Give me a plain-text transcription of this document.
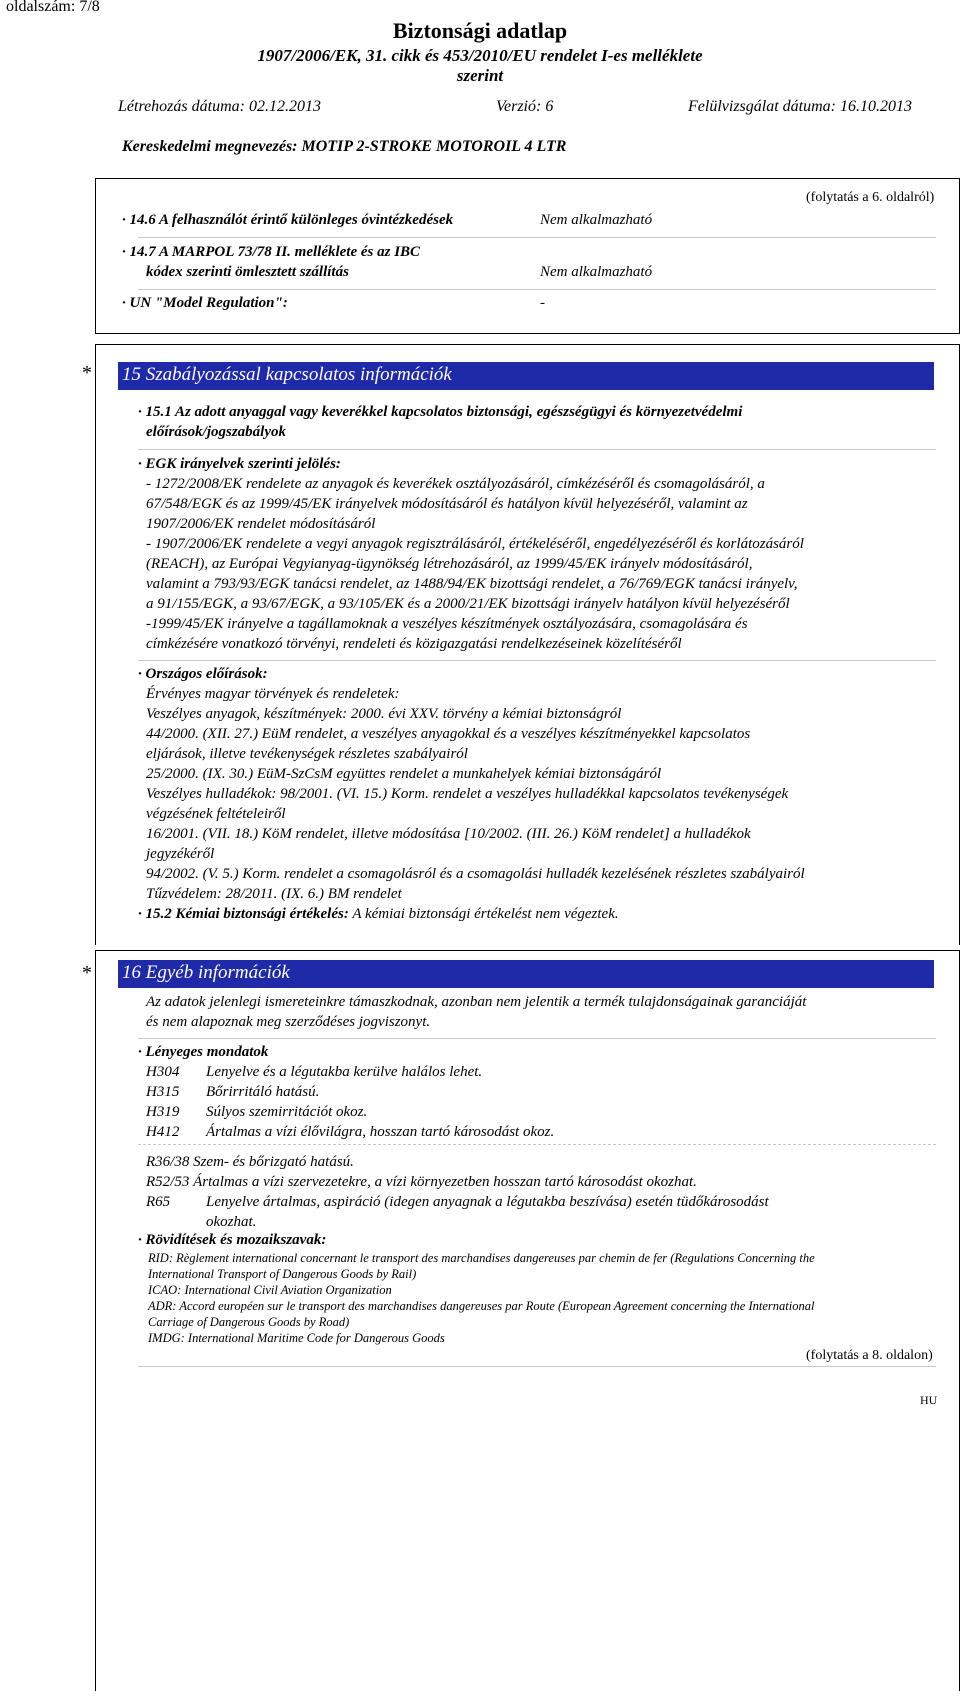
oldalszám: 7/8
Biztonsági adatlap
1907/2006/EK, 31. cikk és 453/2010/EU rendelet I-es melléklete
szerint
Létrehozás dátuma: 02.12.2013	Verzió: 6	Felülvizsgálat dátuma: 16.10.2013
Kereskedelmi megnevezés: MOTIP 2-STROKE MOTOROIL 4 LTR
(folytatás a 6. oldalról)
· 14.6 A felhasználót érintő különleges óvintézkedések	Nem alkalmazható
· 14.7 A MARPOL 73/78 II. melléklete és az IBC
kódex szerinti ömlesztett szállítás	Nem alkalmazható
· UN "Model Regulation":	-
* 15 Szabályozással kapcsolatos információk
· 15.1 Az adott anyaggal vagy keverékkel kapcsolatos biztonsági, egészségügyi és környezetvédelmi
előírások/jogszabályok
· EGK irányelvek szerinti jelölés:
- 1272/2008/EK rendelete az anyagok és keverékek osztályozásáról, címkézéséről és csomagolásáról, a
67/548/EGK és az 1999/45/EK irányelvek módosításáról és hatályon kívül helyezéséről, valamint az
1907/2006/EK rendelet módosításáról
- 1907/2006/EK rendelete a vegyi anyagok regisztrálásáról, értékeléséről, engedélyezéséről és korlátozásáról
(REACH), az Európai Vegyianyag-ügynökség létrehozásáról, az 1999/45/EK irányelv módosításáról,
valamint a 793/93/EGK tanácsi rendelet, az 1488/94/EK bizottsági rendelet, a 76/769/EGK tanácsi irányelv,
a 91/155/EGK, a 93/67/EGK, a 93/105/EK és a 2000/21/EK bizottsági irányelv hatályon kívül helyezéséről
-1999/45/EK irányelve a tagállamoknak a veszélyes készítmények osztályozására, csomagolására és
címkézésére vonatkozó törvényi, rendeleti és közigazgatási rendelkezéseinek közelítéséről
· Országos előírások:
Érvényes magyar törvények és rendeletek:
Veszélyes anyagok, készítmények: 2000. évi XXV. törvény a kémiai biztonságról
44/2000. (XII. 27.) EüM rendelet, a veszélyes anyagokkal és a veszélyes készítményekkel kapcsolatos
eljárások, illetve tevékenységek részletes szabályairól
25/2000. (IX. 30.) EüM-SzCsM együttes rendelet a munkahelyek kémiai biztonságáról
Veszélyes hulladékok: 98/2001. (VI. 15.) Korm. rendelet a veszélyes hulladékkal kapcsolatos tevékenységek
végzésének feltételeiről
16/2001. (VII. 18.) KöM rendelet, illetve módosítása [10/2002. (III. 26.) KöM rendelet] a hulladékok
jegyzékéről
94/2002. (V. 5.) Korm. rendelet a csomagolásról és a csomagolási hulladék kezelésének részletes szabályairól
Tűzvédelem: 28/2011. (IX. 6.) BM rendelet
· 15.2 Kémiai biztonsági értékelés: A kémiai biztonsági értékelést nem végeztek.
* 16 Egyéb információk
Az adatok jelenlegi ismereteinkre támaszkodnak, azonban nem jelentik a termék tulajdonságainak garanciáját
és nem alapoznak meg szerződéses jogviszonyt.
· Lényeges mondatok
H304 Lenyelve és a légutakba kerülve halálos lehet.
H315 Bőrirritáló hatású.
H319 Súlyos szemirritációt okoz.
H412 Ártalmas a vízi élővilágra, hosszan tartó károsodást okoz.
R36/38 Szem- és bőrizgató hatású.
R52/53 Ártalmas a vízi szervezetekre, a vízi környezetben hosszan tartó károsodást okozhat.
R65 Lenyelve ártalmas, aspiráció (idegen anyagnak a légutakba beszívása) esetén tüdőkárosodást
okozhat.
· Rövidítések és mozaikszavak:
RID: Règlement international concernant le transport des marchandises dangereuses par chemin de fer (Regulations Concerning the
International Transport of Dangerous Goods by Rail)
ICAO: International Civil Aviation Organization
ADR: Accord européen sur le transport des marchandises dangereuses par Route (European Agreement concerning the International
Carriage of Dangerous Goods by Road)
IMDG: International Maritime Code for Dangerous Goods
(folytatás a 8. oldalon)
HU
